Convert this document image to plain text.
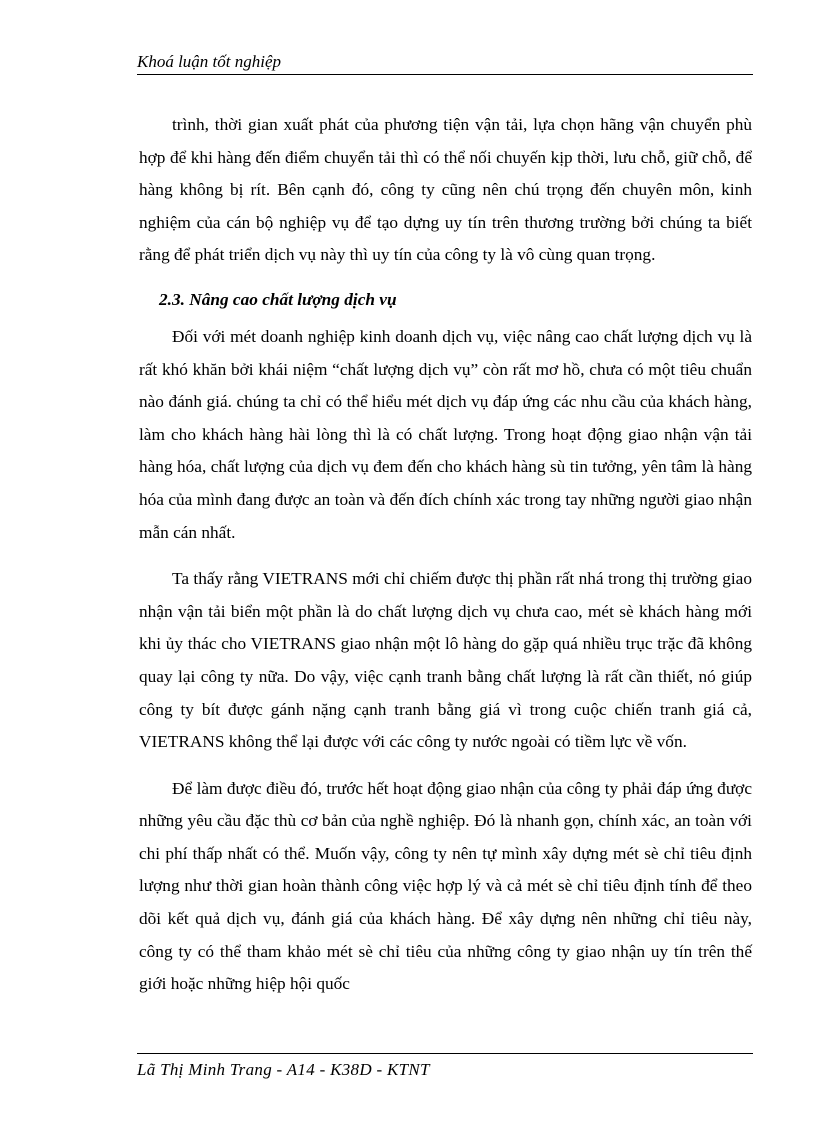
Khoá luận tốt nghiệp

trình, thời gian xuất phát của phương tiện vận tải, lựa chọn hãng vận chuyển phù hợp để khi hàng đến điểm chuyển tải thì có thể nối chuyến kịp thời, lưu chỗ, giữ chỗ, để hàng không bị rít. Bên cạnh đó, công ty cũng nên chú trọng đến chuyên môn, kinh nghiệm của cán bộ nghiệp vụ để tạo dựng uy tín trên thương trường bởi chúng ta biết rằng để phát triển dịch vụ này thì uy tín của công ty là vô cùng quan trọng.

2.3. Nâng cao chất lượng dịch vụ

Đối với mét doanh nghiệp kinh doanh dịch vụ, việc nâng cao chất lượng dịch vụ là rất khó khăn bởi khái niệm “chất lượng dịch vụ” còn rất mơ hồ, chưa có một tiêu chuẩn nào đánh giá. chúng ta chỉ có thể hiểu mét dịch vụ đáp ứng các nhu cầu của khách hàng, làm cho khách hàng hài lòng thì là có chất lượng. Trong hoạt động giao nhận vận tải hàng hóa, chất lượng của dịch vụ đem đến cho khách hàng sù tin tưởng, yên tâm là hàng hóa của mình đang được an toàn và đến đích chính xác trong tay những người giao nhận mẫn cán nhất.

Ta thấy rằng VIETRANS mới chỉ chiếm được thị phần rất nhá trong thị trường giao nhận vận tải biển một phần là do chất lượng dịch vụ chưa cao, mét sè khách hàng mới khi ủy thác cho VIETRANS giao nhận một lô hàng do gặp quá nhiều trục trặc đã không quay lại công ty nữa. Do vậy, việc cạnh tranh bằng chất lượng là rất cần thiết, nó giúp công ty bít được gánh nặng cạnh tranh bằng giá vì trong cuộc chiến tranh giá cả, VIETRANS không thể lại được với các công ty nước ngoài có tiềm lực về vốn.

Để làm được điều đó, trước hết hoạt động giao nhận của công ty phải đáp ứng được những yêu cầu đặc thù cơ bản của nghề nghiệp. Đó là nhanh gọn, chính xác, an toàn với chi phí thấp nhất có thể. Muốn vậy, công ty nên tự mình xây dựng mét sè chỉ tiêu định lượng như thời gian hoàn thành công việc hợp lý và cả mét sè chỉ tiêu định tính để theo dõi kết quả dịch vụ, đánh giá của khách hàng. Để xây dựng nên những chỉ tiêu này, công ty có thể tham khảo mét sè chỉ tiêu của những công ty giao nhận uy tín trên thế giới hoặc những hiệp hội quốc

Lã Thị Minh Trang - A14 - K38D - KTNT
